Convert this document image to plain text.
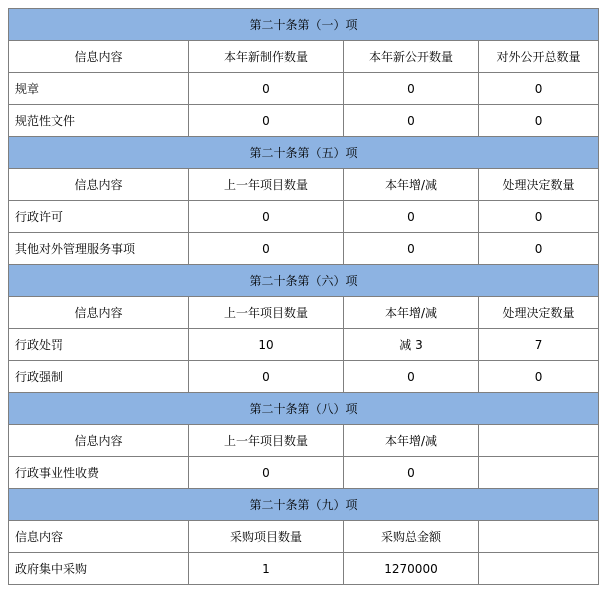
第二十条第（一）项			
信息内容	本年新制作数量	本年新公开数量	对外公开总数量
规章	0	0	0
规范性文件	0	0	0
第二十条第（五）项			
信息内容	上一年项目数量	本年增/减	处理决定数量
行政许可	0	0	0
其他对外管理服务事项	0	0	0
第二十条第（六）项			
信息内容	上一年项目数量	本年增/减	处理决定数量
行政处罚	10	减 3	7
行政强制	0	0	0
第二十条第（八）项			
信息内容	上一年项目数量	本年增/减	
行政事业性收费	0	0	
第二十条第（九）项			
信息内容	采购项目数量	采购总金额	
政府集中采购	1	1270000	
